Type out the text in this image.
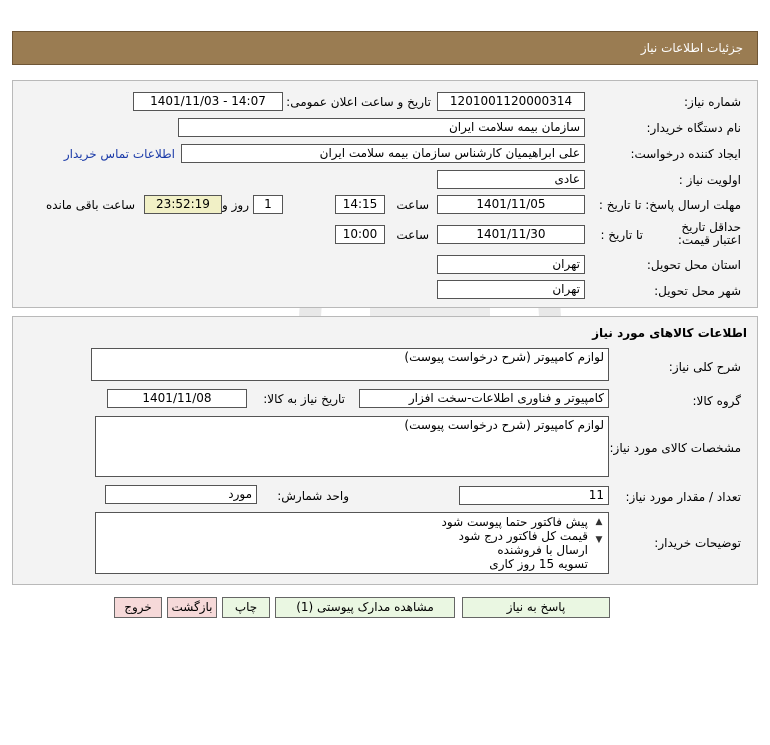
جزئیات اطلاعات نیاز
شماره نیاز:
1201001120000314
تاریخ و ساعت اعلان عمومی:
1401/11/03 - 14:07
نام دستگاه خریدار:
سازمان بیمه سلامت ایران
ایجاد کننده درخواست:
علی ابراهیمیان کارشناس سازمان بیمه سلامت ایران
اطلاعات تماس خریدار
اولویت نیاز :
عادی
مهلت ارسال پاسخ: تا تاریخ :
1401/11/05
ساعت
14:15
1
روز و
23:52:19
ساعت باقی مانده
حداقل تاریخ اعتبار قیمت:
تا تاریخ :
1401/11/30
ساعت
10:00
استان محل تحویل:
تهران
شهر محل تحویل:
تهران
اطلاعات کالاهای مورد نیاز
شرح کلی نیاز:
لوازم کامپیوتر (شرح درخواست پیوست)
گروه کالا:
کامپیوتر و فناوری اطلاعات-سخت افزار
تاریخ نیاز به کالا:
1401/11/08
مشخصات کالای مورد نیاز:
لوازم کامپیوتر (شرح درخواست پیوست)
تعداد / مقدار مورد نیاز:
11
واحد شمارش:
مورد
توضیحات خریدار:
پیش فاکتور حتما پیوست شود
قیمت کل فاکتور درج شود
ارسال با فروشنده
تسویه 15 روز کاری
▲
▼
پاسخ به نیاز
مشاهده مدارک پیوستی (1)
چاپ
بازگشت
خروج
